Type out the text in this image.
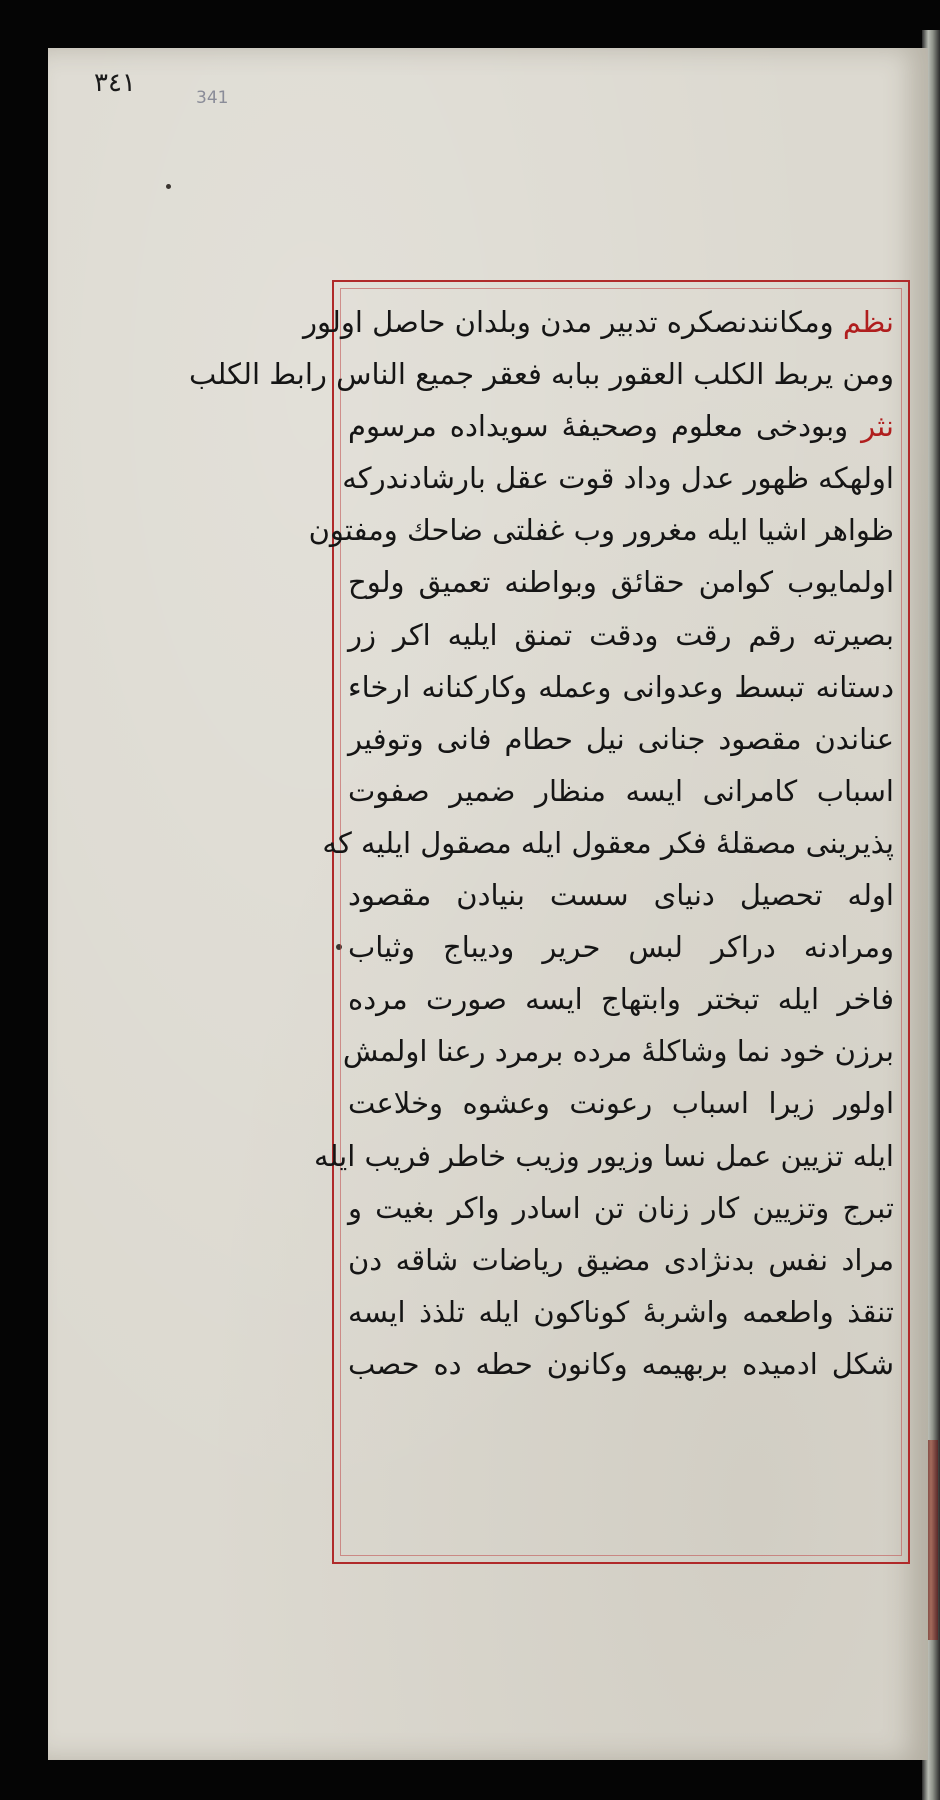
٣٤١	341
نظم ومكانندنصكره تدبير مدن وبلدان حاصل اولور
ومن يربط الكلب العقور ببابه فعقر جميع الناس رابط الكلب
نثر وبودخی معلوم وصحيفهٔ سويداده مرسوم
اولهكه ظهور عدل وداد قوت عقل بارشادندركه
ظواهر اشيا ايله مغرور وب غفلتی ضاحك ومفتون
اولمايوب كوامن حقائق وبواطنه تعميق ولوح
بصيرته رقم رقت ودقت تمنق ايليه اكر زر
دستانه تبسط وعدوانی وعمله وكاركنانه ارخاء
عناندن مقصود جنانی نيل حطام فانی وتوفير
اسباب كامرانی ايسه منظار ضمير صفوت
پذيرينی مصقلهٔ فكر معقول ايله مصقول ايليه كه
اوله تحصيل دنيای سست بنيادن مقصود
ومرادنه دراكر لبس حرير ودیباج وثياب
فاخر ايله تبختر وابتهاج ايسه صورت مرده
برزن خود نما وشاكلهٔ مرده برمرد رعنا اولمش
اولور زيرا اسباب رعونت وعشوه وخلاعت
ايله تزيين عمل نسا وزيور وزيب خاطر فريب ايله
تبرج وتزيين كار زنان تن اسادر واكر بغيت و
مراد نفس بدنژادی مضيق رياضات شاقه دن
تنقذ واطعمه واشربهٔ كوناكون ايله تلذذ ايسه
شكل ادمیده بربهيمه وكانون حطه ده حصب
